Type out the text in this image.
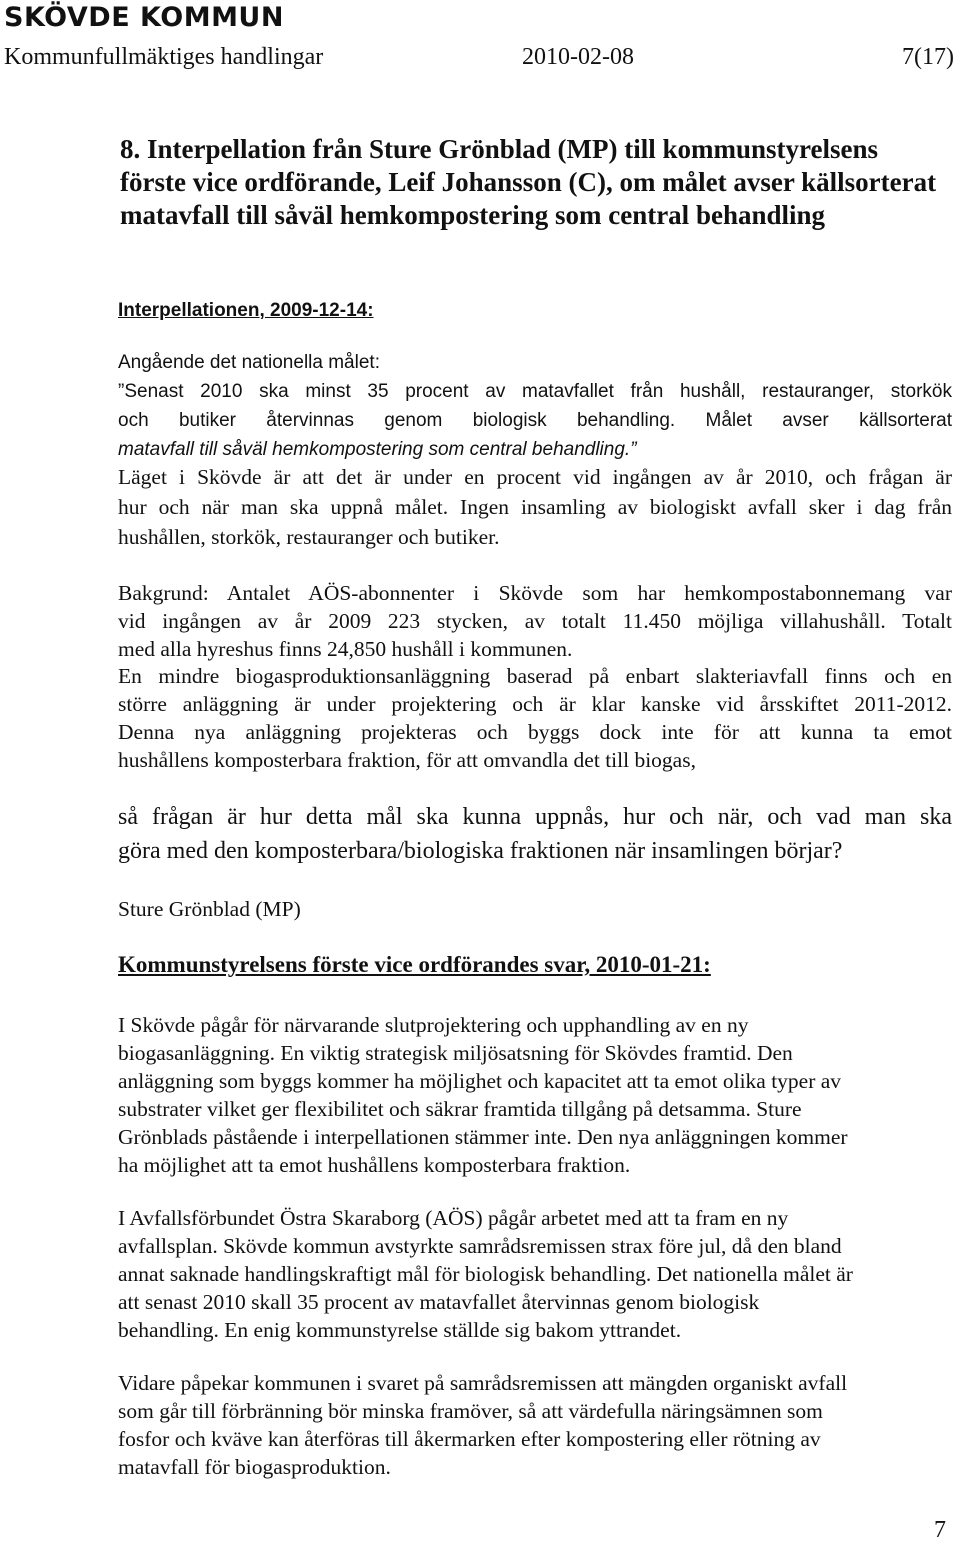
SKÖVDE KOMMUN
Kommunfullmäktiges handlingar	2010-02-08	7(17)
8. Interpellation från Sture Grönblad (MP) till kommunstyrelsens förste vice ordförande, Leif Johansson (C), om målet avser källsorterat matavfall till såväl hemkompostering som central behandling
Interpellationen, 2009-12-14:
Angående det nationella målet:
”Senast 2010 ska minst 35 procent av matavfallet från hushåll, restauranger, storkök
och butiker återvinnas genom biologisk behandling. Målet avser källsorterat
matavfall till såväl hemkompostering som central behandling.”
Läget i Skövde är att det är under en procent vid ingången av år 2010, och frågan är
hur och när man ska uppnå målet. Ingen insamling av biologiskt avfall sker i dag från
hushållen, storkök, restauranger och butiker.
Bakgrund: Antalet AÖS-abonnenter i Skövde som har hemkompostabonnemang var
vid ingången av år 2009 223 stycken, av totalt 11.450 möjliga villahushåll. Totalt
med alla hyreshus finns 24,850 hushåll i kommunen.
En mindre biogasproduktionsanläggning baserad på enbart slakteriavfall finns och en
större anläggning är under projektering och är klar kanske vid årsskiftet 2011-2012.
Denna nya anläggning projekteras och byggs dock inte för att kunna ta emot
hushållens komposterbara fraktion, för att omvandla det till biogas,
så frågan är hur detta mål ska kunna uppnås, hur och när, och vad man ska
göra med den komposterbara/biologiska fraktionen när insamlingen börjar?
Sture Grönblad (MP)
Kommunstyrelsens förste vice ordförandes svar, 2010-01-21:
I Skövde pågår för närvarande slutprojektering och upphandling av en ny
biogasanläggning. En viktig strategisk miljösatsning för Skövdes framtid. Den
anläggning som byggs kommer ha möjlighet och kapacitet att ta emot olika typer av
substrater vilket ger flexibilitet och säkrar framtida tillgång på detsamma. Sture
Grönblads påstående i interpellationen stämmer inte. Den nya anläggningen kommer
ha möjlighet att ta emot hushållens komposterbara fraktion.
I Avfallsförbundet Östra Skaraborg (AÖS) pågår arbetet med att ta fram en ny
avfallsplan. Skövde kommun avstyrkte samrådsremissen strax före jul, då den bland
annat saknade handlingskraftigt mål för biologisk behandling. Det nationella målet är
att senast 2010 skall 35 procent av matavfallet återvinnas genom biologisk
behandling. En enig kommunstyrelse ställde sig bakom yttrandet.
Vidare påpekar kommunen i svaret på samrådsremissen att mängden organiskt avfall
som går till förbränning bör minska framöver, så att värdefulla näringsämnen som
fosfor och kväve kan återföras till åkermarken efter kompostering eller rötning av
matavfall för biogasproduktion.
7
